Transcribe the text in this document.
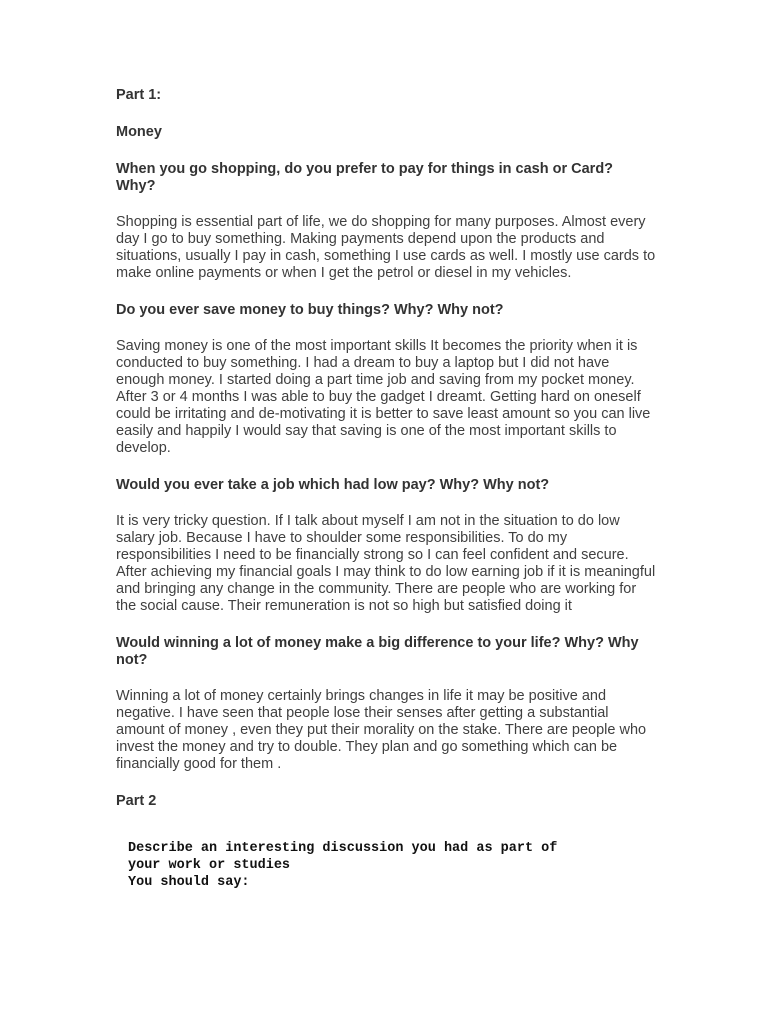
Part 1:

Money

When you go shopping, do you prefer to pay for things in cash or Card? Why?

Shopping is essential part of life, we do shopping for many purposes. Almost every day I go to buy something. Making payments depend upon the products and situations, usually I pay in cash, something I use cards as well. I mostly use cards to make online payments or when I get the petrol or diesel in my vehicles.

Do you ever save money to buy things? Why? Why not?

Saving money is one of the most important skills It becomes the priority when it is conducted to buy something. I had a dream to buy a laptop but I did not have enough money. I started doing a part time job and saving from my pocket money. After 3 or 4 months I was able to buy the gadget I dreamt. Getting hard on oneself could be irritating and de-motivating it is better to save least amount so you can live easily and happily I would say that saving is one of the most important skills to develop.

Would you ever take a job which had low pay? Why? Why not?

It is very tricky question. If I talk about myself I am not in the situation to do low salary job. Because I have to shoulder some responsibilities. To do my responsibilities I need to be financially strong so I can feel confident and secure. After achieving my financial goals I may think to do low earning job if it is meaningful and bringing any change in the community. There are people who are working for the social cause. Their remuneration is not so high but satisfied doing it

Would winning a lot of money make a big difference to your life? Why? Why not?

Winning a lot of money certainly brings changes in life it may be positive and negative. I have seen that people lose their senses after getting a substantial amount of money , even they put their morality on the stake. There are people who invest the money and try to double. They plan and go something which can be financially good for them .

Part 2

Describe an interesting discussion you had as part of

your work or studies

You should say:
